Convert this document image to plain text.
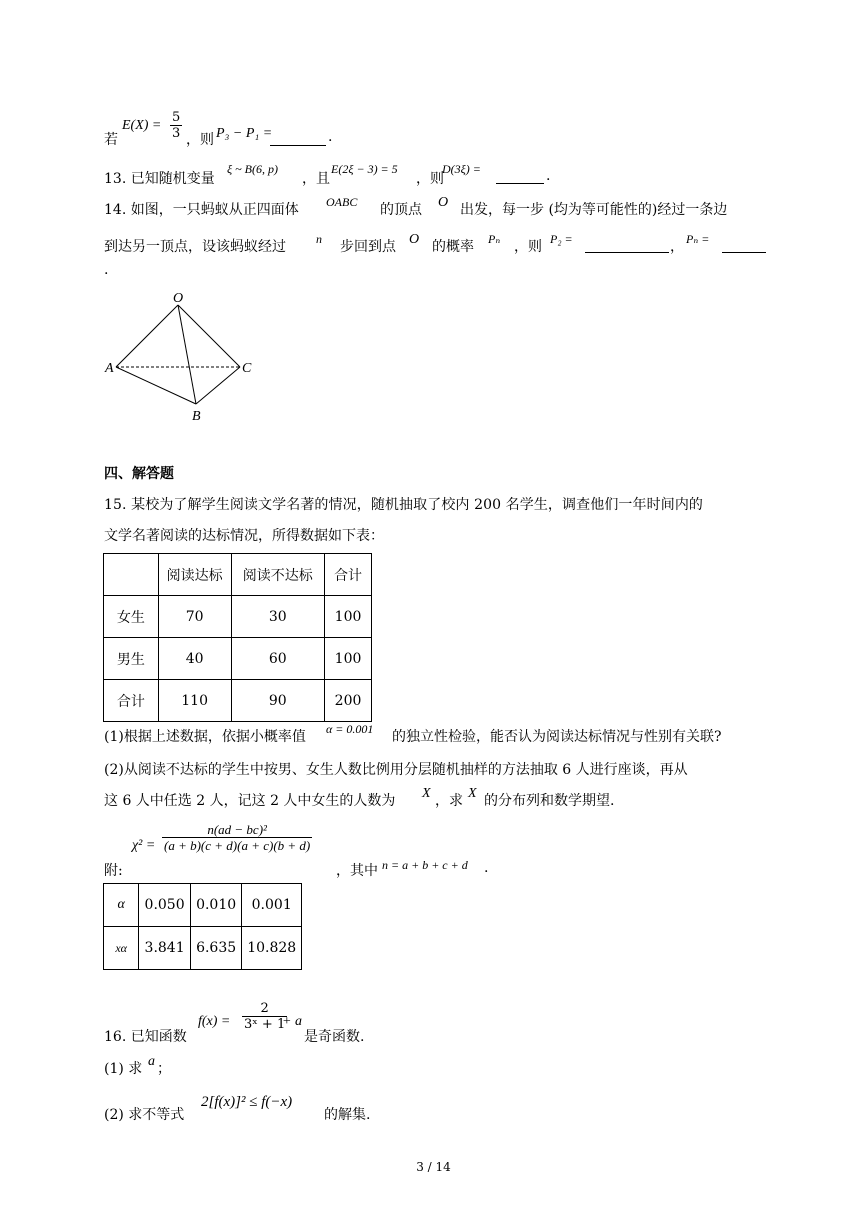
若
$E(X) = \frac{5}{3}$ ，则 P₃ − P₁ =	.
13. 已知随机变量
ξ ~ B(6, p)
，且
E(2ξ − 3) = 5
，则
D(3ξ) =	.
14. 如图，一只蚂蚁从正四面体 OABC 的顶点 O 出发，每一步 (均为等可能性的)经过一条边
到达另一顶点，设该蚂蚁经过	n 步回到点 O 的概率 Pₙ ，则 P₂ =	， Pₙ =
.
O
A	C
B
四、解答题
15. 某校为了解学生阅读文学名著的情况，随机抽取了校内 200 名学生，调查他们一年时间内的
文学名著阅读的达标情况，所得数据如下表：
	阅读达标	阅读不达标	合计
女生	70	30	100
男生	40	60	100
合计	110	90	200
(1)根据上述数据，依据小概率值 α = 0.001 的独立性检验，能否认为阅读达标情况与性别有关联?
(2)从阅读不达标的学生中按男、女生人数比例用分层随机抽样的方法抽取 6 人进行座谈，再从
这 6 人中任选 2 人，记这 2 人中女生的人数为 X ，求 X 的分布列和数学期望.
附:
$\chi^2 = \frac{\text{n(ad − bc)²}}{(a + b)(c + d)(a + c)(b + d)}$
，其中 n = a + b + c + d .
α	0.050	0.010	0.001
xα	3.841	6.635	10.828
16. 已知函数
$f(x) = \frac{2}{\text{3ˣ + 1}}$
+ a
是奇函数.
(1) 求 a ；
(2) 求不等式
2[f(x)]² ≤ f(−x)
的解集.
3 / 14
